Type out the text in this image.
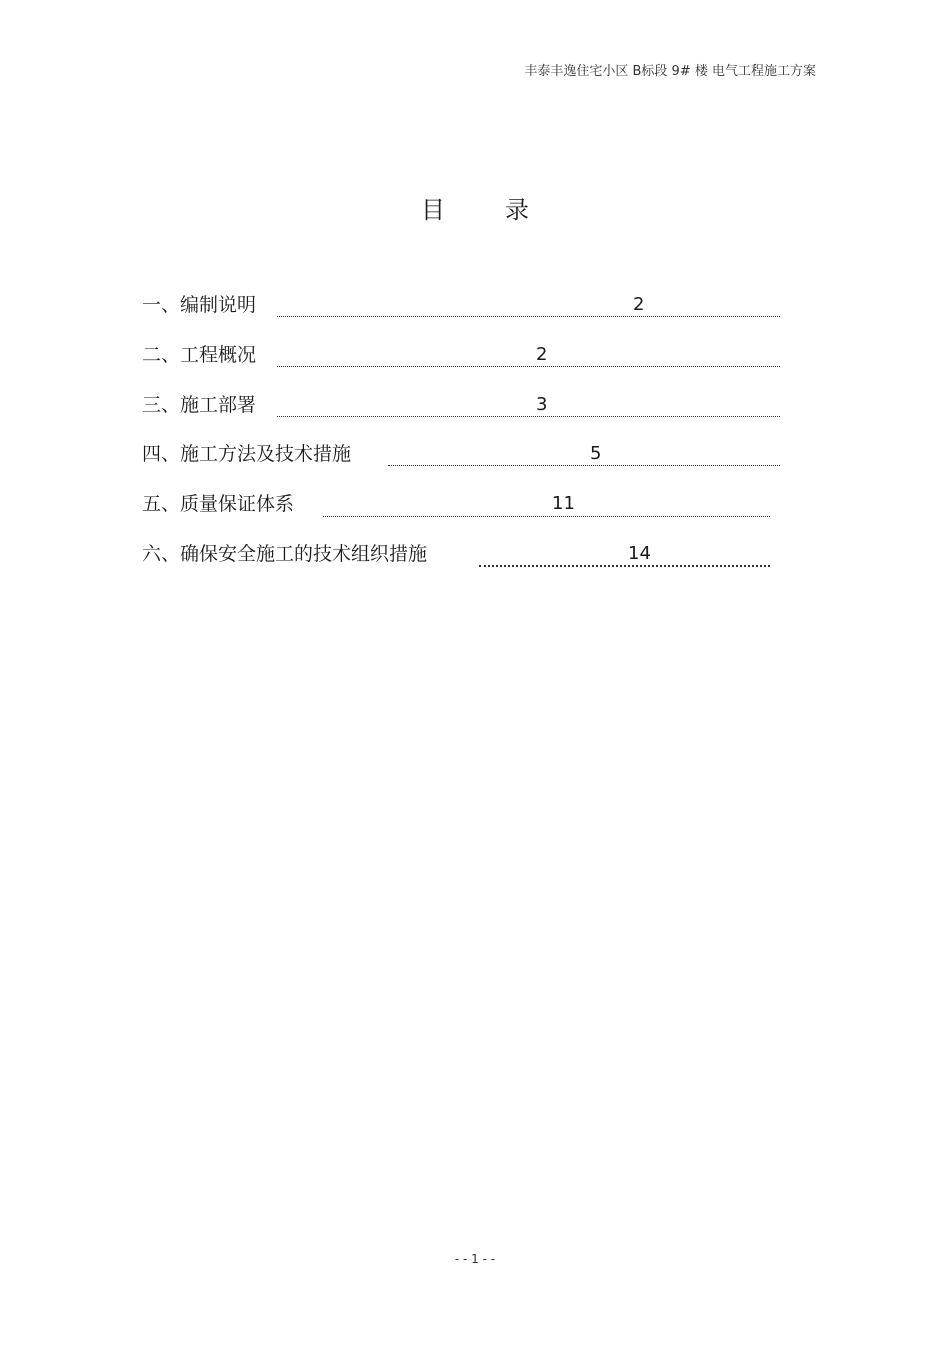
丰泰丰逸住宅小区 B标段 9# 楼 电气工程施工方案
目录
一、编制说明	2
二、工程概况	2
三、施工部署	3
四、施工方法及技术措施	5
五、质量保证体系	11
六、确保安全施工的技术组织措施	14
- - 1 - -
